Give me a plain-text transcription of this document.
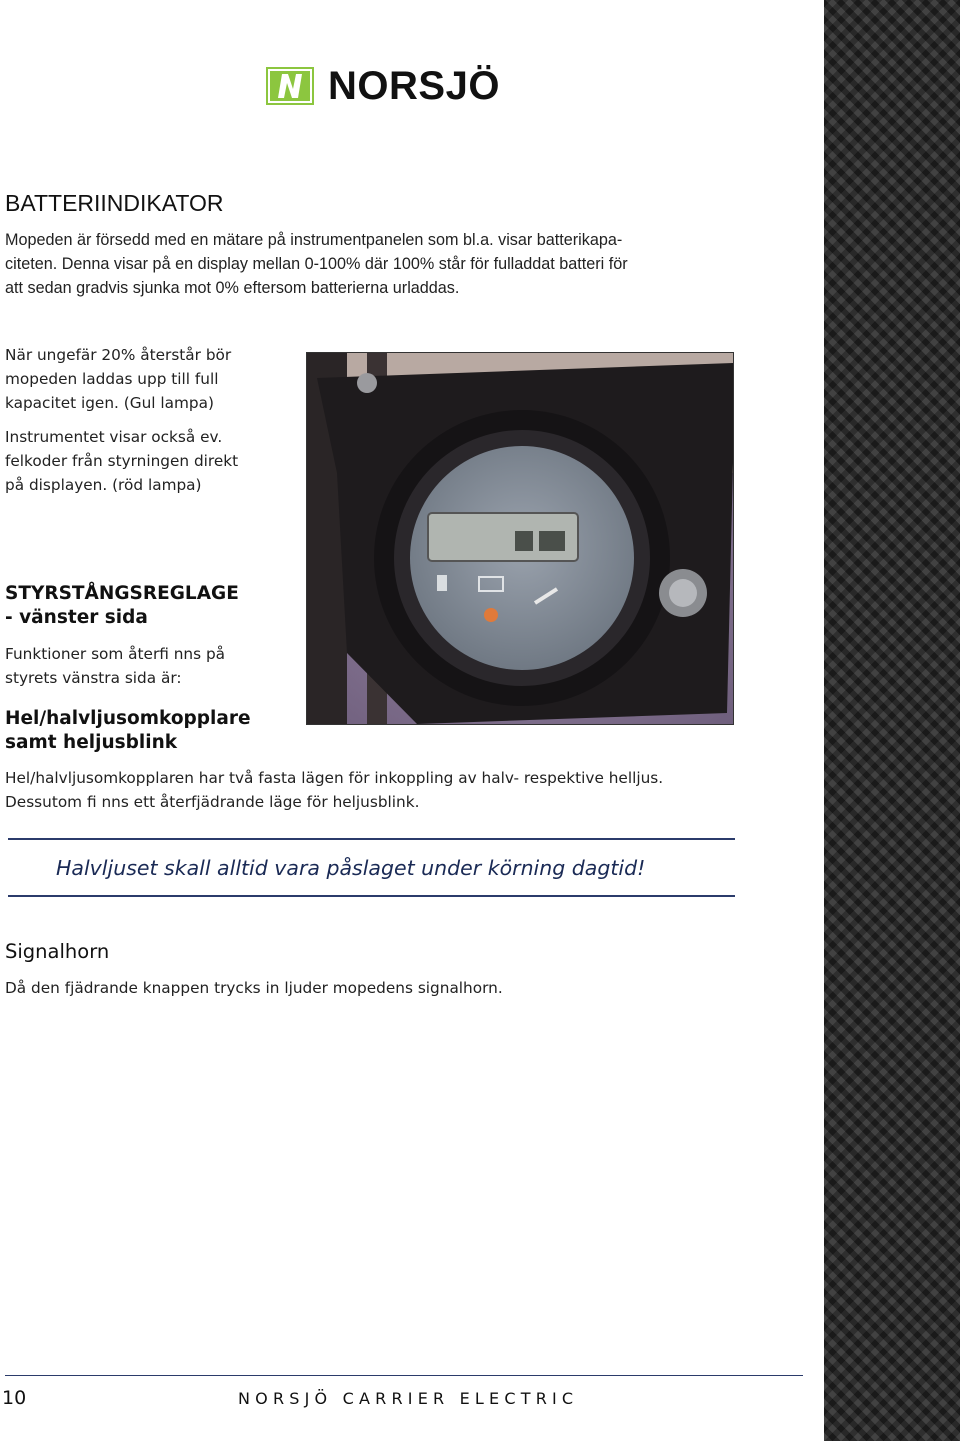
NORSJÖ
BATTERIINDIKATOR

Mopeden är försedd med en mätare på instrumentpanelen som bl.a. visar batterikapa-

citeten. Denna visar på en display mellan 0-100% där 100% står för fulladdat batteri för

att sedan gradvis sjunka mot 0% eftersom batterierna urladdas.

När ungefär 20% återstår bör

mopeden laddas upp till full

kapacitet igen. (Gul lampa)

Instrumentet visar också ev.

felkoder från styrningen direkt

på displayen. (röd lampa)

STYRSTÅNGSREGLAGE
- vänster sida

Funktioner som återfi nns på

styrets vänstra sida är:

Hel/halvljusomkopplare
samt heljusblink

Hel/halvljusomkopplaren har två fasta lägen för inkoppling av halv- respektive helljus.

Dessutom fi nns ett återfjädrande läge för heljusblink.

Halvljuset skall alltid vara påslaget under körning dagtid!

Signalhorn

Då den fjädrande knappen trycks in ljuder mopedens signalhorn.

10	NORSJÖ CARRIER ELECTRIC
